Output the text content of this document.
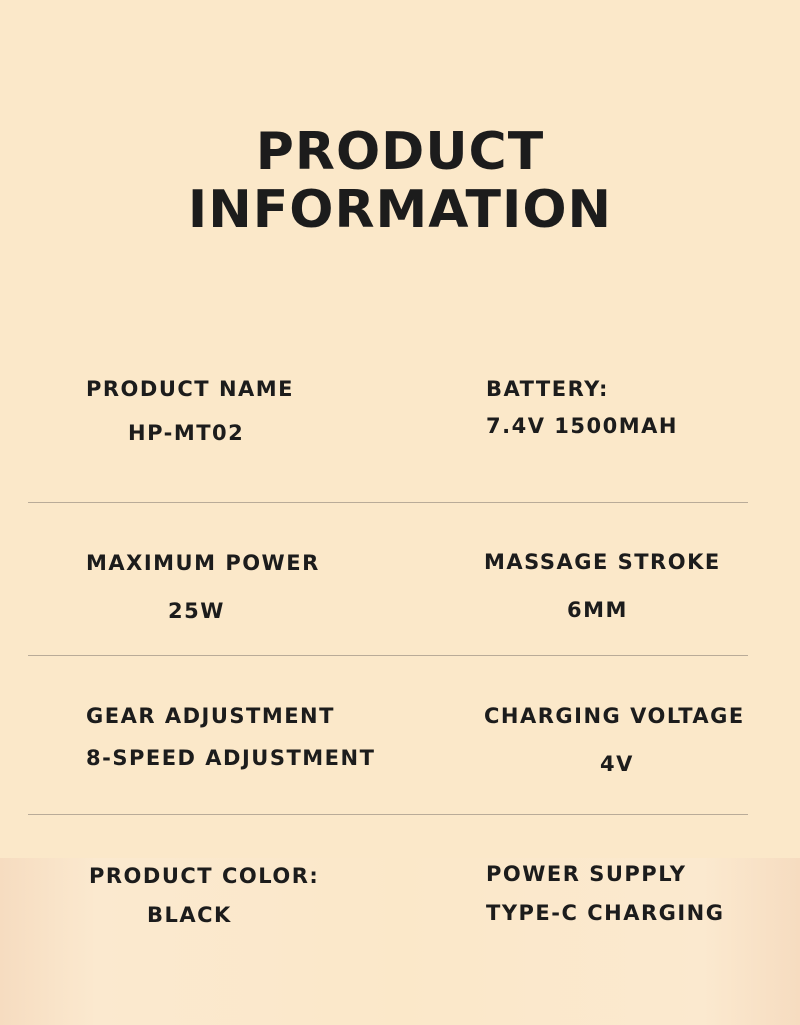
PRODUCT
INFORMATION
PRODUCT NAME
HP-MT02
BATTERY:
7.4V 1500MAH
MAXIMUM POWER
25W
MASSAGE STROKE
6MM
GEAR ADJUSTMENT
8-SPEED ADJUSTMENT
CHARGING VOLTAGE
4V
PRODUCT COLOR:
BLACK
POWER SUPPLY
TYPE-C CHARGING
